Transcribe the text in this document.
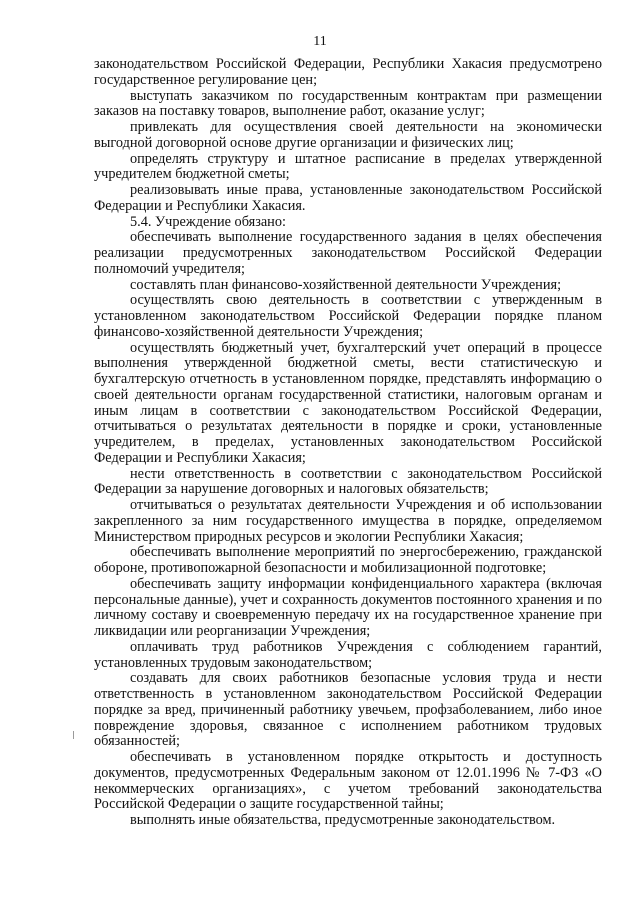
11

законодательством Российской Федерации, Республики Хакасия предусмотрено государственное регулирование цен;

выступать заказчиком по государственным контрактам при размещении заказов на поставку товаров, выполнение работ, оказание услуг;

привлекать для осуществления своей деятельности на экономически выгодной договорной основе другие организации и физических лиц;

определять структуру и штатное расписание в пределах утвержденной учредителем бюджетной сметы;

реализовывать иные права, установленные законодательством Российской Федерации и Республики Хакасия.

5.4. Учреждение обязано:

обеспечивать выполнение государственного задания в целях обеспечения реализации предусмотренных законодательством Российской Федерации полномочий учредителя;

составлять план финансово-хозяйственной деятельности Учреждения;

осуществлять свою деятельность в соответствии с утвержденным в установленном законодательством Российской Федерации порядке планом финансово-хозяйственной деятельности Учреждения;

осуществлять бюджетный учет, бухгалтерский учет операций в процессе выполнения утвержденной бюджетной сметы, вести статистическую и бухгалтерскую отчетность в установленном порядке, представлять информацию о своей деятельности органам государственной статистики, налоговым органам и иным лицам в соответствии с законодательством Российской Федерации, отчитываться о результатах деятельности в порядке и сроки, установленные учредителем, в пределах, установленных законодательством Российской Федерации и Республики Хакасия;

нести ответственность в соответствии с законодательством Российской Федерации за нарушение договорных и налоговых обязательств;

отчитываться о результатах деятельности Учреждения и об использовании закрепленного за ним государственного имущества в порядке, определяемом Министерством природных ресурсов и экологии Республики Хакасия;

обеспечивать выполнение мероприятий по энергосбережению, гражданской обороне, противопожарной безопасности и мобилизационной подготовке;

обеспечивать защиту информации конфиденциального характера (включая персональные данные), учет и сохранность документов постоянного хранения и по личному составу и своевременную передачу их на государственное хранение при ликвидации или реорганизации Учреждения;

оплачивать труд работников Учреждения с соблюдением гарантий, установленных трудовым законодательством;

создавать для своих работников безопасные условия труда и нести ответственность в установленном законодательством Российской Федерации порядке за вред, причиненный работнику увечьем, профзаболеванием, либо иное повреждение здоровья, связанное с исполнением работником трудовых обязанностей;

обеспечивать в установленном порядке открытость и доступность документов, предусмотренных Федеральным законом от 12.01.1996 № 7-ФЗ «О некоммерческих организациях», с учетом требований законодательства Российской Федерации о защите государственной тайны;

выполнять иные обязательства, предусмотренные законодательством.
